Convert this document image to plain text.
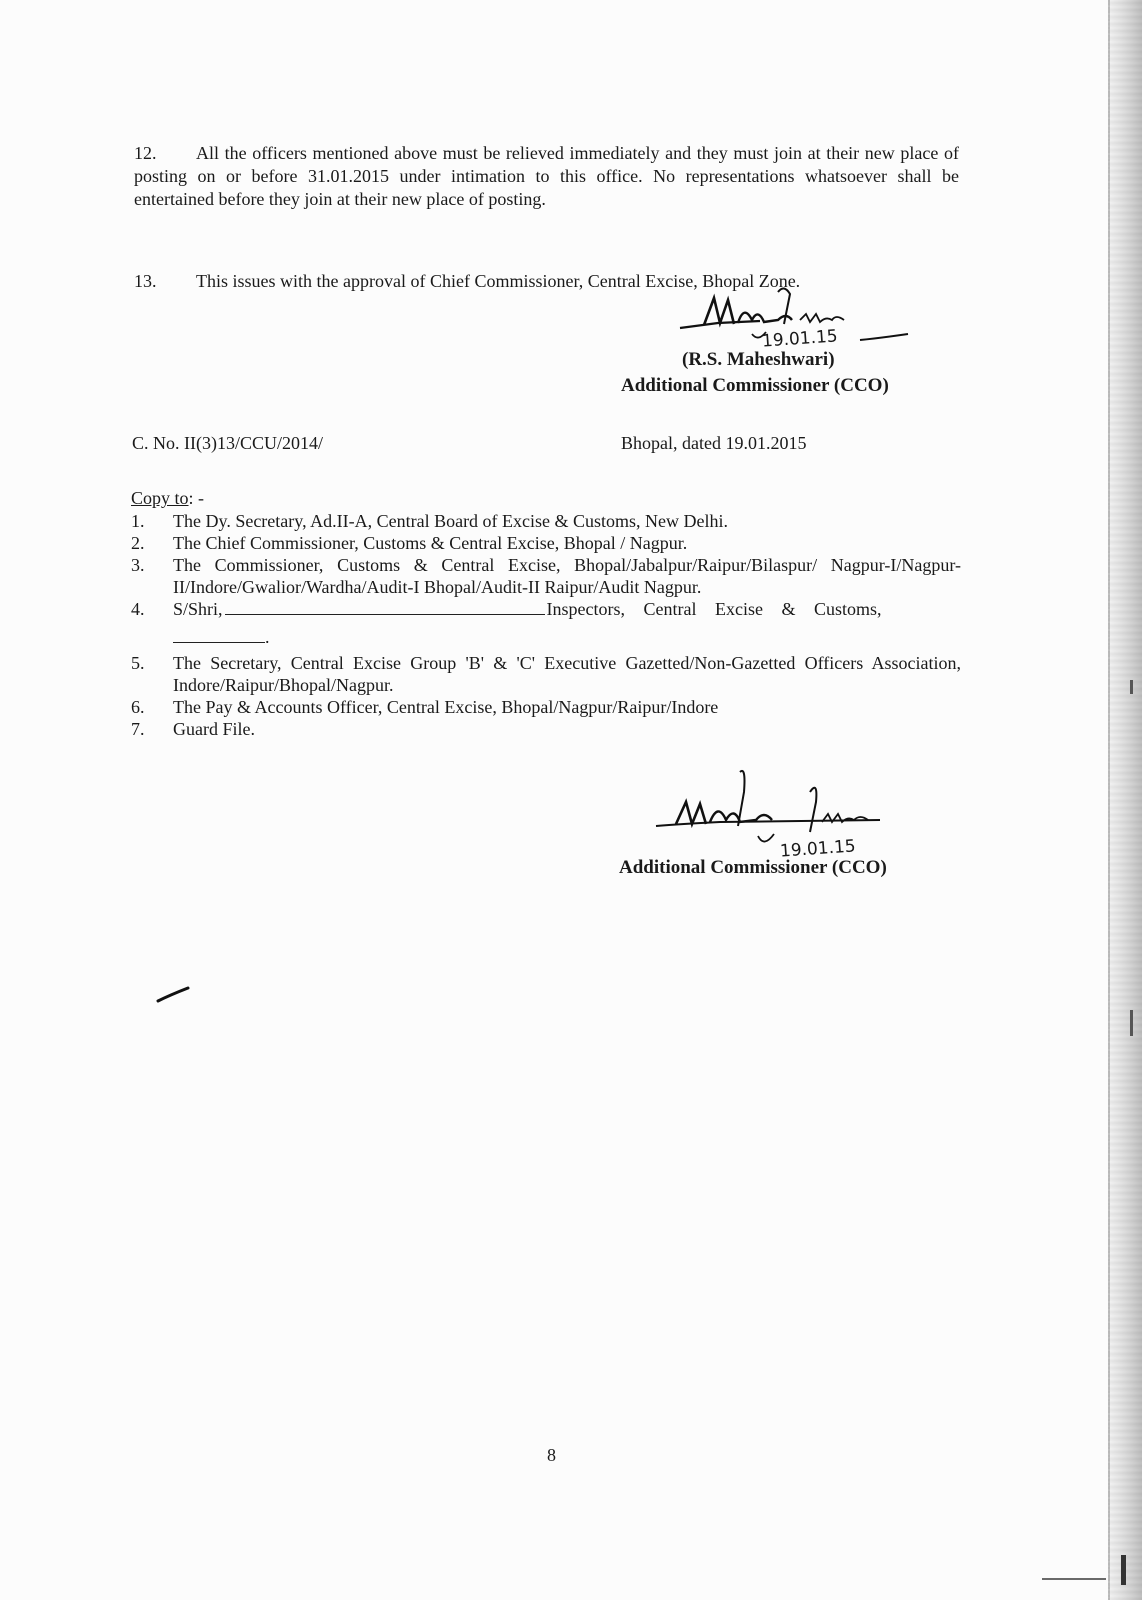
12. All the officers mentioned above must be relieved immediately and they must join at their new place of posting on or before 31.01.2015 under intimation to this office. No representations whatsoever shall be entertained before they join at their new place of posting.
13. This issues with the approval of Chief Commissioner, Central Excise, Bhopal Zone.
19.01.15
(R.S. Maheshwari)
Additional Commissioner (CCO)
C. No. II(3)13/CCU/2014/	Bhopal, dated 19.01.2015
Copy to: -
1. The Dy. Secretary, Ad.II-A, Central Board of Excise & Customs, New Delhi.
2. The Chief Commissioner, Customs & Central Excise, Bhopal / Nagpur.
3. The Commissioner, Customs & Central Excise, Bhopal/Jabalpur/Raipur/Bilaspur/ Nagpur-I/Nagpur-II/Indore/Gwalior/Wardha/Audit-I Bhopal/Audit-II Raipur/Audit Nagpur.
4. S/Shri,	Inspectors, Central Excise & Customs,
.
5. The Secretary, Central Excise Group 'B' & 'C' Executive Gazetted/Non-Gazetted Officers Association, Indore/Raipur/Bhopal/Nagpur.
6. The Pay & Accounts Officer, Central Excise, Bhopal/Nagpur/Raipur/Indore
7. Guard File.
19.01.15
Additional Commissioner (CCO)
8
